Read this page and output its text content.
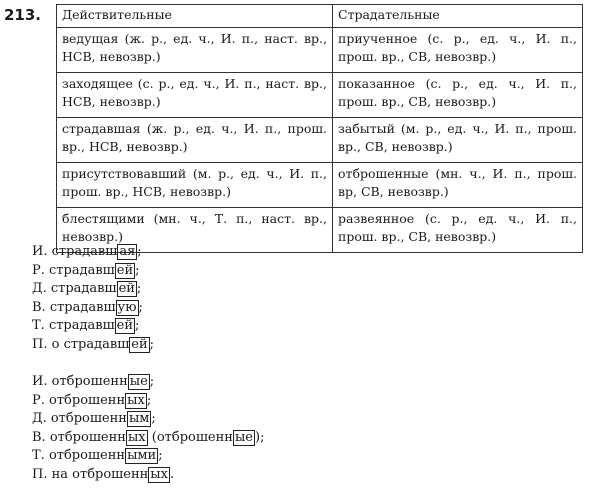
213. Действительные	Страдательные
ведущая (ж. р., ед. ч., И. п., наст. вр., НСВ, невозвр.)	приученное (с. р., ед. ч., И. п., прош. вр., СВ, невозвр.)
заходящее (с. р., ед. ч., И. п., наст. вр., НСВ, невозвр.)	показанное (с. р., ед. ч., И. п., прош. вр., СВ, невозвр.)
страдавшая (ж. р., ед. ч., И. п., прош. вр., НСВ, невозвр.)	забытый (м. р., ед. ч., И. п., прош. вр., СВ, невозвр.)
присутствовавший (м. р., ед. ч., И. п., прош. вр., НСВ, невозвр.)	отброшенные (мн. ч., И. п., прош. вр, СВ, невозвр.)
блестящими (мн. ч., Т. п., наст. вр., невозвр.)	развеянное (с. р., ед. ч., И. п., прош. вр., СВ, невозвр.)
И. страдавш ая ;
Р. страдавш ей ;
Д. страдавш ей ;
В. страдавш ую ;
Т. страдавш ей ;
П. о страдавш ей ;
И. отброшенн ые ;
Р. отброшенн ых ;
Д. отброшенн ым ;
В. отброшенн ых (отброшенн ые );
Т. отброшенн ыми ;
П. на отброшенн ых .
